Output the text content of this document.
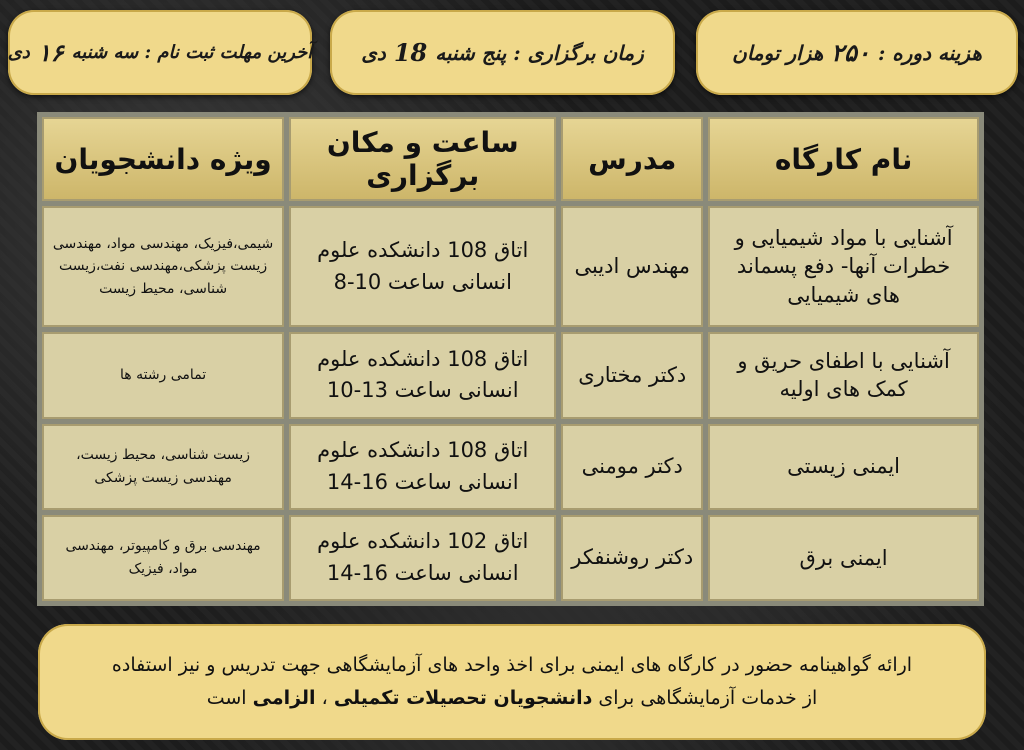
آخرین مهلت ثبت نام : سه شنبه
۱۶
دی	زمان برگزاری : پنج شنبه
18
دی	هزینه دوره :
۲۵۰
هزار تومان
نام کارگاه	مدرس	ساعت و مکان برگزاری	ویژه دانشجویان
آشنایی با مواد شیمیایی و خطرات آنها- دفع پسماند های شیمیایی	مهندس ادیبی	اتاق 108 دانشکده علوم انسانی ساعت 10-8	شیمی،فیزیک، مهندسی مواد، مهندسی زیست پزشکی،مهندسی نفت،زیست شناسی، محیط زیست
آشنایی با اطفای حریق و کمک های اولیه	دکتر مختاری	اتاق 108 دانشکده علوم انسانی ساعت 13-10	تمامی رشته ها
ایمنی زیستی	دکتر مومنی	اتاق 108 دانشکده علوم انسانی ساعت 16-14	زیست شناسی، محیط زیست، مهندسی زیست پزشکی
ایمنی برق	دکتر روشنفکر	اتاق 102 دانشکده علوم انسانی ساعت 16-14	مهندسی برق و کامپیوتر، مهندسی مواد، فیزیک
ارائه گواهینامه حضور در کارگاه های ایمنی برای اخذ واحد های آزمایشگاهی جهت تدریس و نیز استفاده
از خدمات آزمایشگاهی برای دانشجویان تحصیلات تکمیلی ، الزامی است
